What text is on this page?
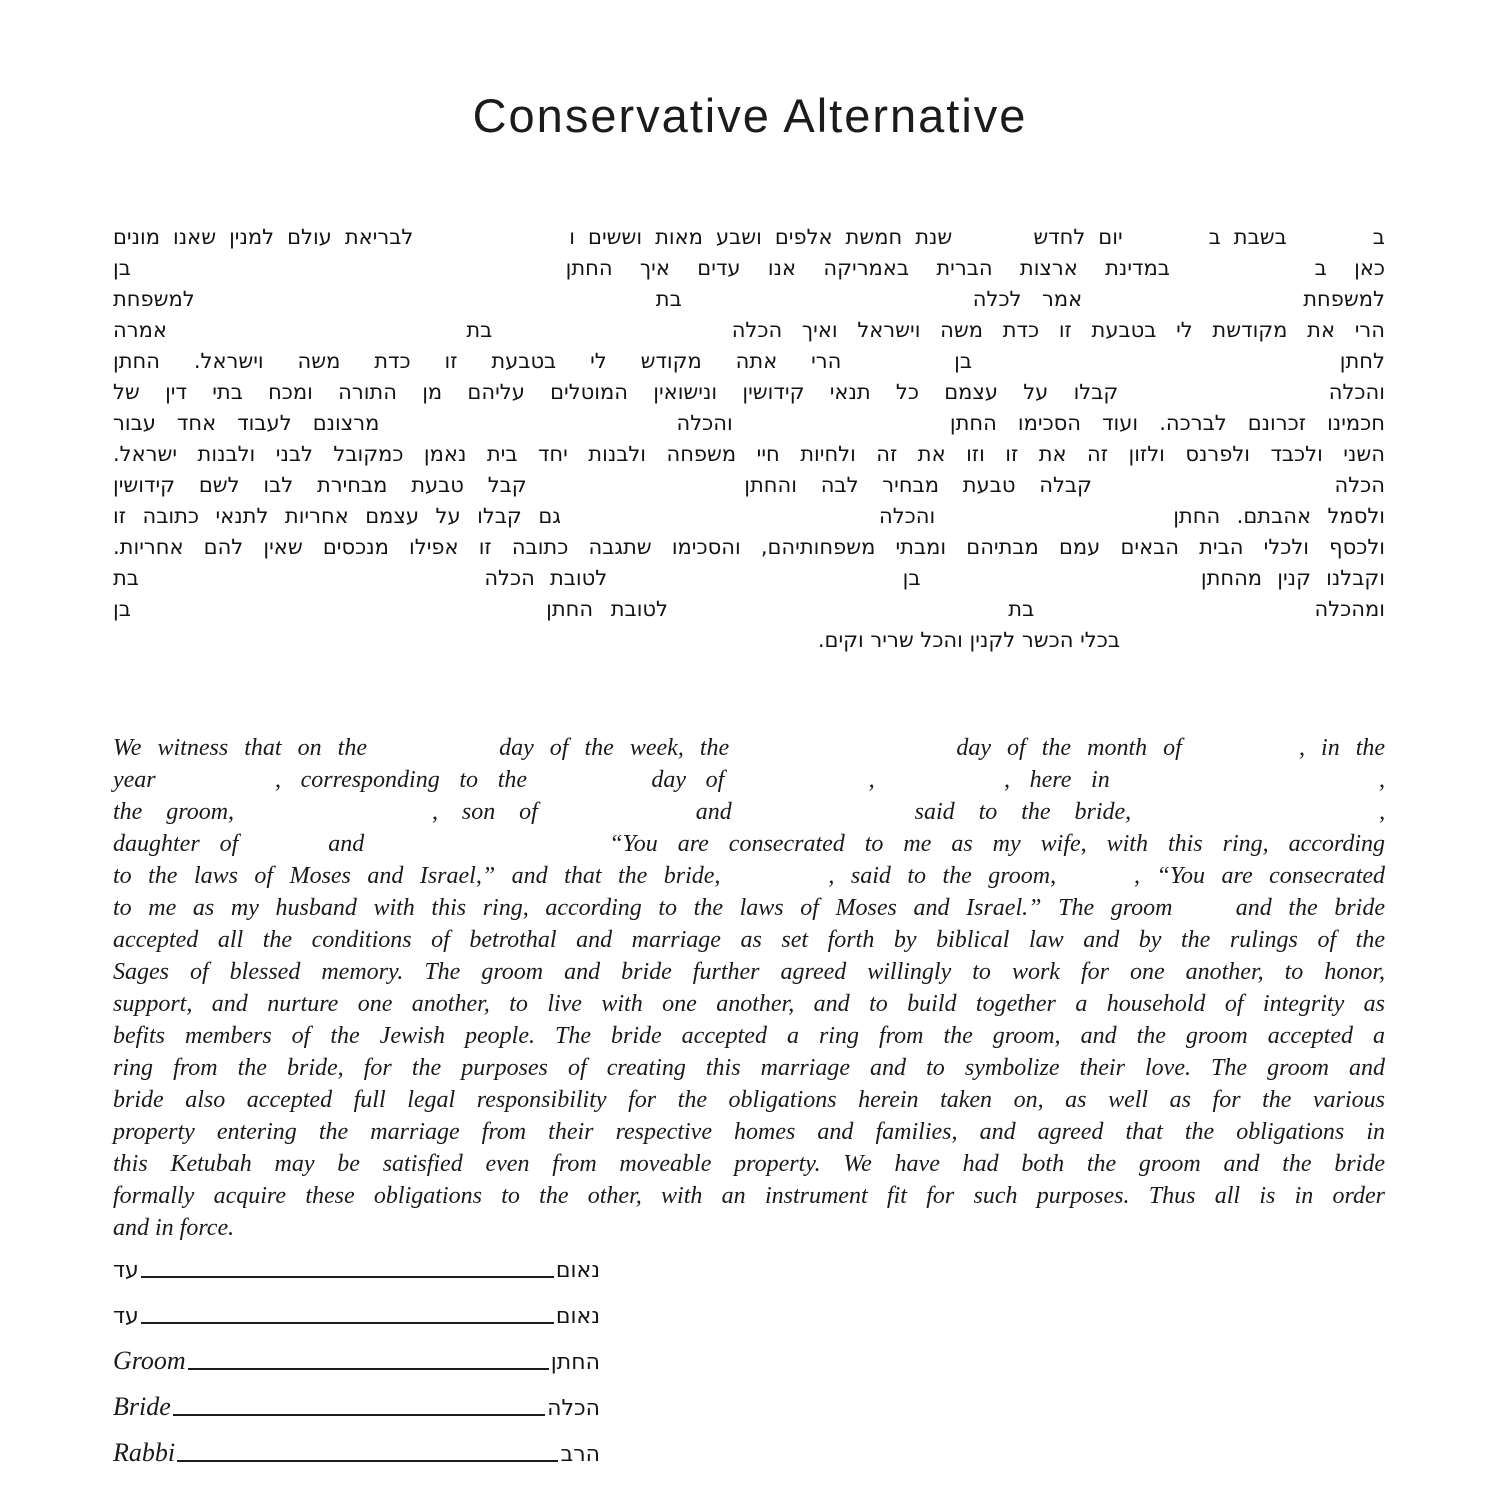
Conservative Alternative
ב  בשבת ב  יום לחדש  שנת חמשת אלפים ושבע מאות וששים ו  לבריאת עולם למנין שאנו מונים
כאן ב  במדינת ארצות הברית באמריקה אנו עדים איך החתן  בן
למשפחת  אמר לכלה  בת  למשפחת
הרי את מקודשת לי בטבעת זו כדת משה וישראל ואיך הכלה  בת  אמרה
לחתן  בן  הרי אתה מקודש לי בטבעת זו כדת משה וישראל. החתן
והכלה  קבלו על עצמם כל תנאי קידושין ונישואין המוטלים עליהם מן התורה ומכח בתי דין של
חכמינו זכרונם לברכה. ועוד הסכימו החתן  והכלה  מרצונם לעבוד אחד עבור
השני ולכבד ולפרנס ולזון זה את זו וזו את זה ולחיות חיי משפחה ולבנות יחד בית נאמן כמקובל לבני ולבנות ישראל.
הכלה  קבלה טבעת מבחיר לבה והחתן  קבל טבעת מבחירת לבו לשם קידושין
ולסמל אהבתם. החתן  והכלה  גם קבלו על עצמם אחריות לתנאי כתובה זו
ולכסף ולכלי הבית הבאים עמם מבתיהם ומבתי משפחותיהם, והסכימו שתגבה כתובה זו אפילו מנכסים שאין להם אחריות.
וקבלנו קנין מהחתן  בן  לטובת הכלה  בת
ומהכלה  בת  לטובת החתן  בן
בכלי הכשר לקנין והכל שריר וקים.
We witness that on the	day of the week, the	day of the month of	, in the
year	, corresponding to the	day of	,	, here in	,
the groom,	, son of	and	said to the bride,	,
daughter of	and	“You are consecrated to me as my wife, with this ring, according
to the laws of Moses and Israel,” and that the bride,	, said to the groom,	, “You are consecrated
to me as my husband with this ring, according to the laws of Moses and Israel.” The groom	and the bride
accepted all the conditions of betrothal and marriage as set forth by biblical law and by the rulings of the
Sages of blessed memory. The groom and bride further agreed willingly to work for one another, to honor,
support, and nurture one another, to live with one another, and to build together a household of integrity as
befits members of the Jewish people. The bride accepted a ring from the groom, and the groom accepted a
ring from the bride, for the purposes of creating this marriage and to symbolize their love. The groom and
bride also accepted full legal responsibility for the obligations herein taken on, as well as for the various
property entering the marriage from their respective homes and families, and agreed that the obligations in
this Ketubah may be satisfied even from moveable property. We have had both the groom and the bride
formally acquire these obligations to the other, with an instrument fit for such purposes. Thus all is in order
and in force.
עד	נאום
עד	נאום
Groom	החתן
Bride	הכלה
Rabbi	הרב
